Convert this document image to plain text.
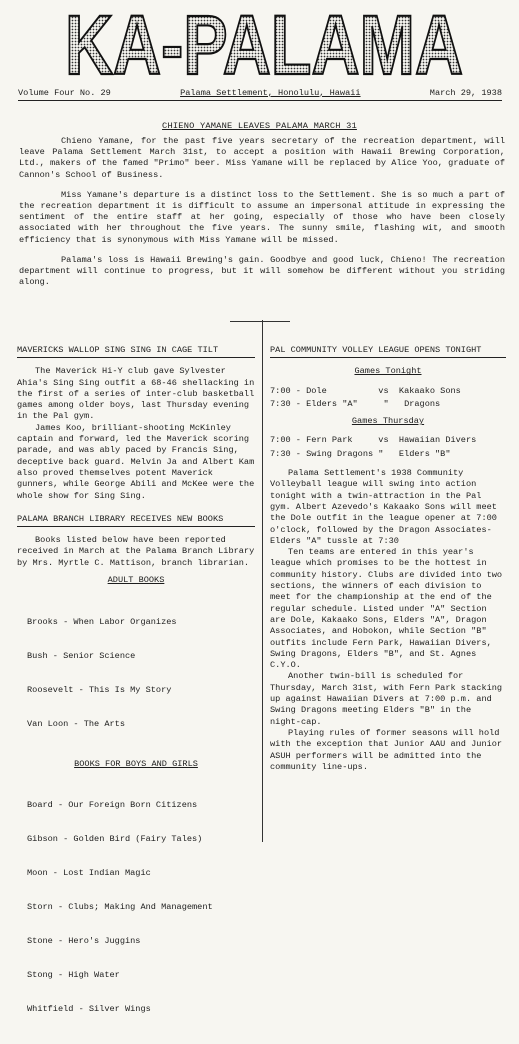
KA-PALAMA
Volume Four No. 29	Palama Settlement, Honolulu, Hawaii	March 29, 1938
CHIENO YAMANE LEAVES PALAMA MARCH 31

Chieno Yamane, for the past five years secretary of the recreation department, will leave Palama Settlement March 31st, to accept a position with Hawaii Brewing Corporation, Ltd., makers of the famed "Primo" beer. Miss Yamane will be replaced by Alice Yoo, graduate of Cannon's School of Business.

Miss Yamane's departure is a distinct loss to the Settlement. She is so much a part of the recreation department it is difficult to assume an impersonal attitude in expressing the sentiment of the entire staff at her going, especially of those who have been closely associated with her throughout the five years. The sunny smile, flashing wit, and smooth efficiency that is synonymous with Miss Yamane will be missed.

Palama's loss is Hawaii Brewing's gain. Goodbye and good luck, Chieno! The recreation department will continue to progress, but it will somehow be different without you striding along.

MAVERICKS WALLOP SING SING IN CAGE TILT

The Maverick Hi-Y club gave Sylvester Ahia's Sing Sing outfit a 68-46 shellacking in the first of a series of inter-club basketball games among older boys, last Thursday evening in the Pal gym.

James Koo, brilliant-shooting McKinley captain and forward, led the Maverick scoring parade, and was ably paced by Francis Sing, deceptive back guard. Melvin Ja and Albert Kam also proved themselves potent Maverick gunners, while George Abili and McKee were the whole show for Sing Sing.

PALAMA BRANCH LIBRARY RECEIVES NEW BOOKS

Books listed below have been reported received in March at the Palama Branch Library by Mrs. Myrtle C. Mattison, branch librarian.

ADULT BOOKS

Brooks - When Labor Organizes

Bush - Senior Science

Roosevelt - This Is My Story

Van Loon - The Arts

BOOKS FOR BOYS AND GIRLS

Board - Our Foreign Born Citizens

Gibson - Golden Bird (Fairy Tales)

Moon - Lost Indian Magic

Storn - Clubs; Making And Management

Stone - Hero's Juggins

Stong - High Water

Whitfield - Silver Wings

PAL COMMUNITY VOLLEY LEAGUE OPENS TONIGHT
Games Tonight
7:00 - Dole          vs  Kakaako Sons
7:30 - Elders "A"     "   Dragons
Games Thursday
7:00 - Fern Park     vs  Hawaiian Divers
7:30 - Swing Dragons "   Elders "B"

Palama Settlement's 1938 Community Volleyball league will swing into action tonight with a twin-attraction in the Pal gym. Albert Azevedo's Kakaako Sons will meet the Dole outfit in the league opener at 7:00 o'clock, followed by the Dragon Associates-Elders "A" tussle at 7:30

Ten teams are entered in this year's league which promises to be the hottest in community history. Clubs are divided into two sections, the winners of each division to meet for the championship at the end of the regular schedule. Listed under "A" Section are Dole, Kakaako Sons, Elders "A", Dragon Associates, and Hobokon, while Section "B" outfits include Fern Park, Hawaiian Divers, Swing Dragons, Elders "B", and St. Agnes C.Y.O.

Another twin-bill is scheduled for Thursday, March 31st, with Fern Park stacking up against Hawaiian Divers at 7:00 p.m. and Swing Dragons meeting Elders "B" in the night-cap.

Playing rules of former seasons will hold with the exception that Junior AAU and Junior ASUH performers will be admitted into the community line-ups.
